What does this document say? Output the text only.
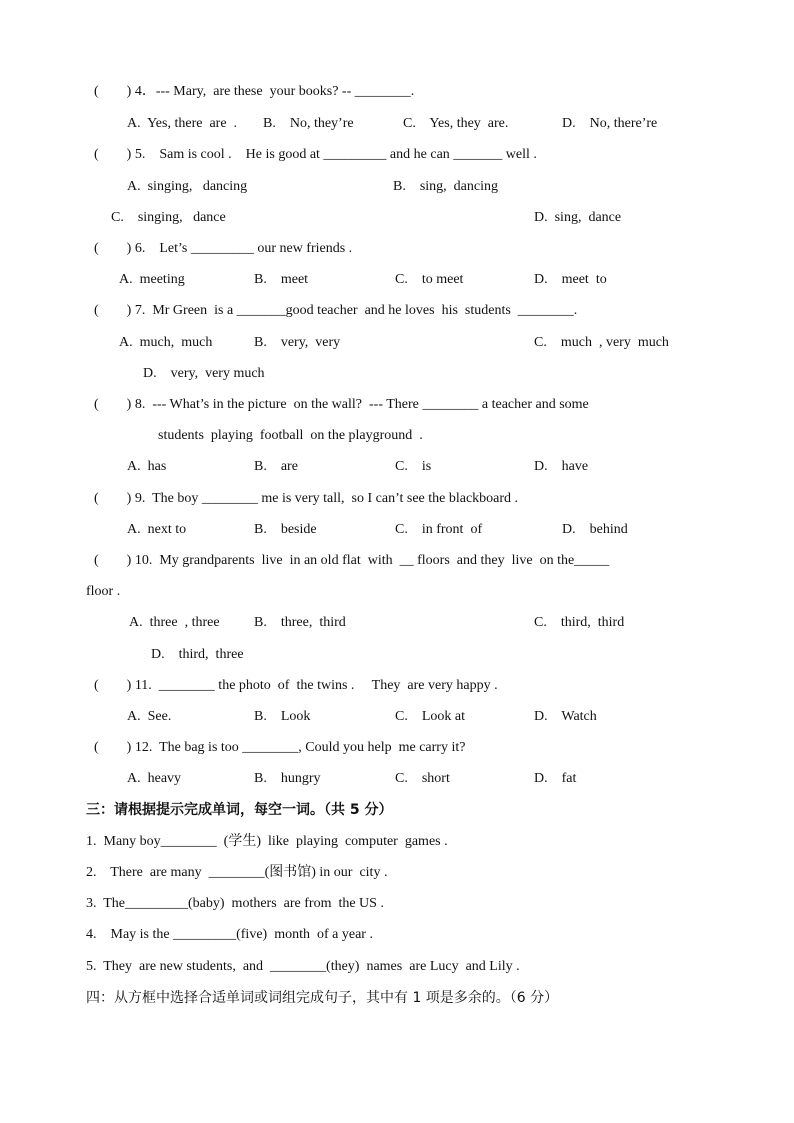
(        ) 4．--- Mary,  are these  your books? -- ________.
A.  Yes, there  are  . B.    No, they’re	C.    Yes, they  are.	D.    No, there’re
(        ) 5.    Sam is cool .    He is good at _________ and he can _______ well .
A.  singing,   dancing	B.    sing,  dancing
C.    singing,   dance	D.  sing,  dance
(        ) 6.    Let’s _________ our new friends .
A.  meeting	B.    meet	C.    to meet	D.    meet  to
(        ) 7.  Mr Green  is a _______good teacher  and he loves  his  students  ________.
A.  much,  much	B.    very,  very	C.    much  , very  much
D.    very,  very much
(        ) 8.  --- What’s in the picture  on the wall?  --- There ________ a teacher and some
students  playing  football  on the playground  .
A.  has	B.    are	C.    is	D.    have
(        ) 9.  The boy ________ me is very tall,  so I can’t see the blackboard .
A.  next to	B.    beside	C.    in front  of	D.    behind
(        ) 10.  My grandparents  live  in an old flat  with  __ floors  and they  live  on the_____
floor .
A.  three  , three B.    three,  third	C.    third,  third
D.    third,  three
(        ) 11.  ________ the photo  of  the twins .     They  are very happy .
A.  See.	B.    Look	C.    Look at	D.    Watch
(        ) 12.  The bag is too ________, Could you help  me carry it?
A.  heavy	B.    hungry	C.    short	D.    fat
三：请根据提示完成单词，每空一词。（共 5 分）
1.  Many boy________  (学生)  like  playing  computer  games .
2.    There  are many  ________(图书馆) in our  city .
3.  The_________(baby)  mothers  are from  the US .
4.    May is the _________(five)  month  of a year .
5.  They  are new students,  and  ________(they)  names  are Lucy  and Lily .
四：从方框中选择合适单词或词组完成句子，其中有 1 项是多余的。（6 分）
